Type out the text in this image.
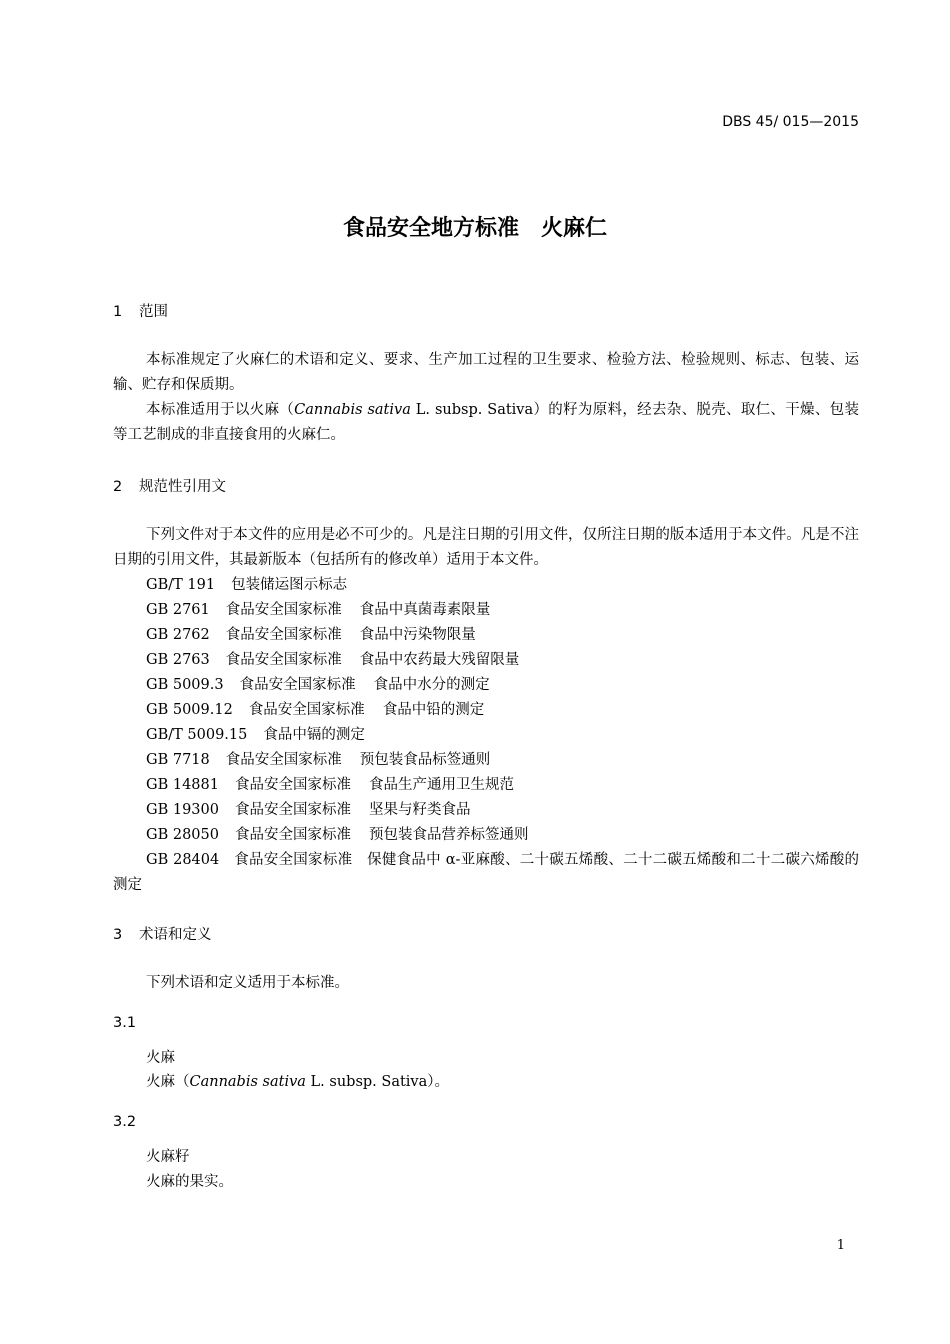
DBS 45/ 015—2015
食品安全地方标准　火麻仁
1 范围

本标准规定了火麻仁的术语和定义、要求、生产加工过程的卫生要求、检验方法、检验规则、标志、包装、运输、贮存和保质期。

本标准适用于以火麻（Cannabis sativa L. subsp. Sativa）的籽为原料，经去杂、脱壳、取仁、干燥、包装等工艺制成的非直接食用的火麻仁。

2 规范性引用文

下列文件对于本文件的应用是必不可少的。凡是注日期的引用文件，仅所注日期的版本适用于本文件。凡是不注日期的引用文件，其最新版本（包括所有的修改单）适用于本文件。

GB/T 191 包装储运图示标志
GB 2761 食品安全国家标准 食品中真菌毒素限量
GB 2762 食品安全国家标准 食品中污染物限量
GB 2763 食品安全国家标准 食品中农药最大残留限量
GB 5009.3 食品安全国家标准 食品中水分的测定
GB 5009.12 食品安全国家标准 食品中铅的测定
GB/T 5009.15 食品中镉的测定
GB 7718 食品安全国家标准 预包装食品标签通则
GB 14881 食品安全国家标准 食品生产通用卫生规范
GB 19300 食品安全国家标准 坚果与籽类食品
GB 28050 食品安全国家标准 预包装食品营养标签通则

GB 28404　食品安全国家标准　保健食品中 α-亚麻酸、二十碳五烯酸、二十二碳五烯酸和二十二碳六烯酸的测定

3 术语和定义

下列术语和定义适用于本标准。

3.1
火麻
火麻（Cannabis sativa L. subsp. Sativa）。
3.2
火麻籽
火麻的果实。
1
